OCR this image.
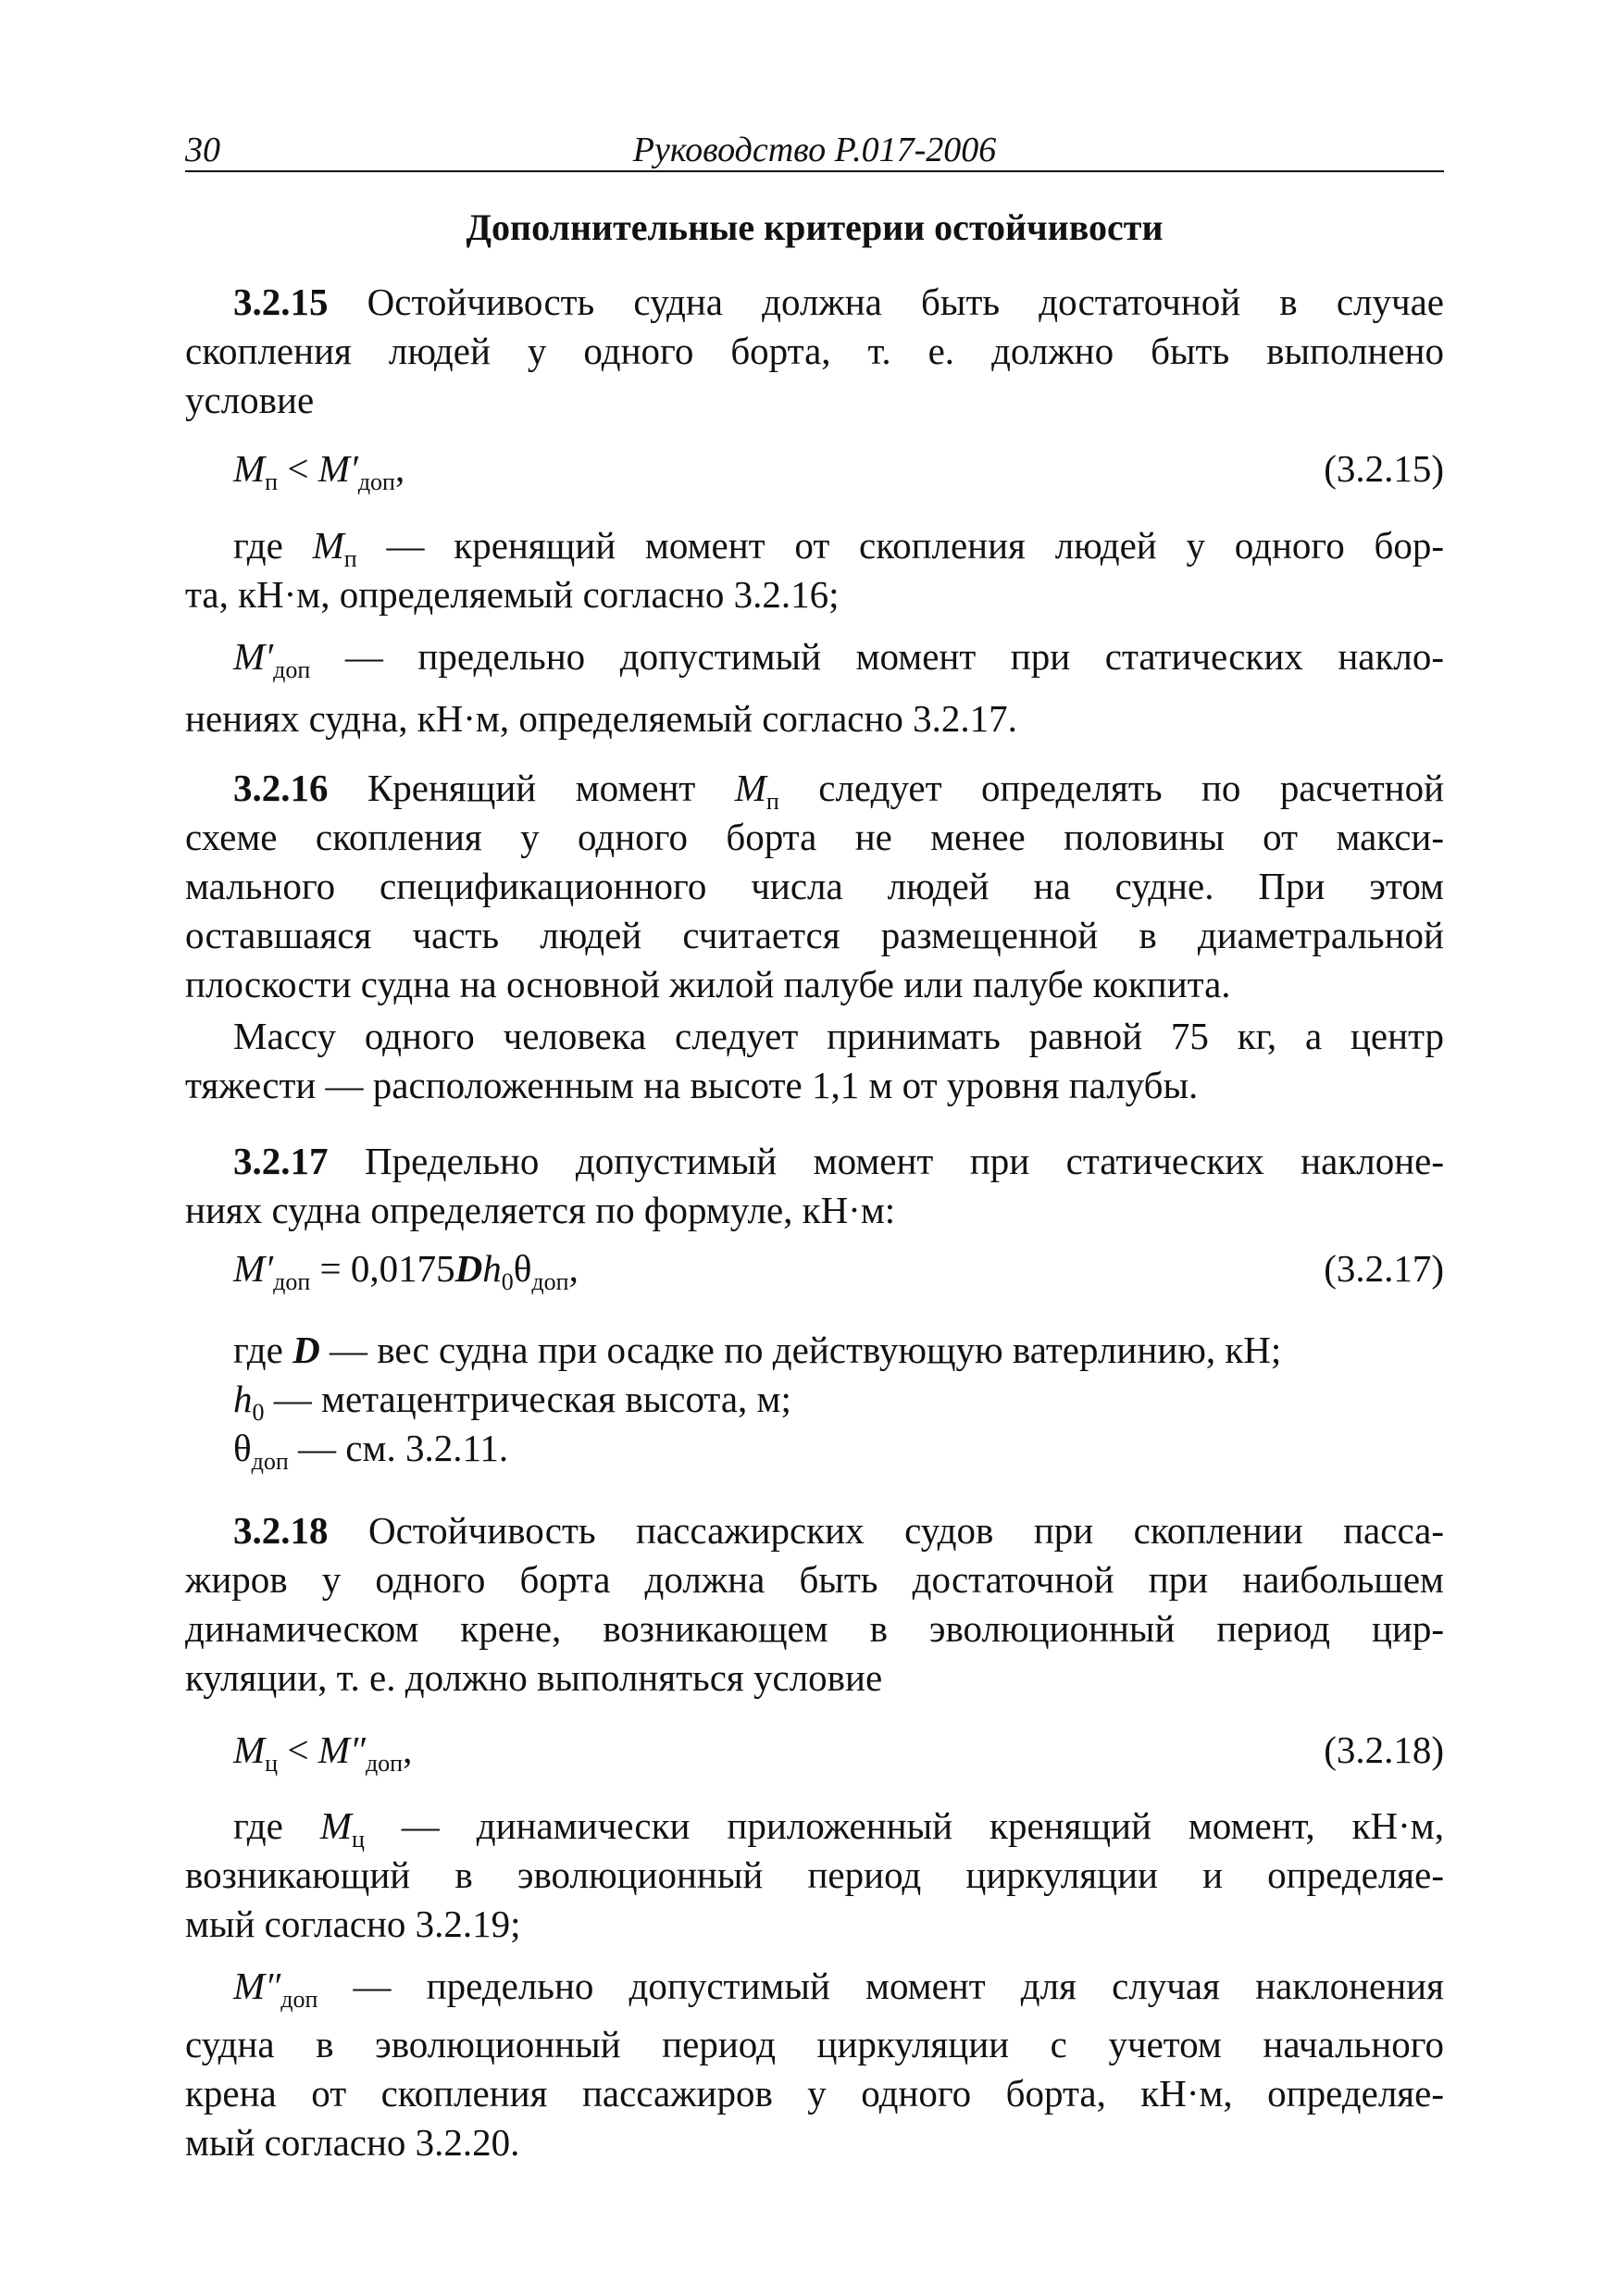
30	Руководство Р.017-2006
Дополнительные критерии остойчивости
3.2.15 Остойчивость судна должна быть достаточной в случае
скопления людей у одного борта, т. е. должно быть выполнено
условие
$M_п < M'_{доп}$,	(3.2.15)
где $M_п$ — кренящий момент от скопления людей у одного бор-
та, кН·м, определяемый согласно 3.2.16;
$M'_{доп}$ — предельно допустимый момент при статических накло-
нениях судна, кН·м, определяемый согласно 3.2.17.
3.2.16 Кренящий момент $M_п$ следует определять по расчетной
схеме скопления у одного борта не менее половины от макси-
мального спецификационного числа людей на судне. При этом
оставшаяся часть людей считается размещенной в диаметральной
плоскости судна на основной жилой палубе или палубе кокпита.
Массу одного человека следует принимать равной 75 кг, а центр
тяжести — расположенным на высоте 1,1 м от уровня палубы.
3.2.17 Предельно допустимый момент при статических наклоне-
ниях судна определяется по формуле, кН·м:
$M'_{доп} = 0,0175Dh_0\theta_{доп}$,	(3.2.17)
где D — вес судна при осадке по действующую ватерлинию, кН;
$h_0$ — метацентрическая высота, м;
$\theta_{доп}$ — см. 3.2.11.
3.2.18 Остойчивость пассажирских судов при скоплении пасса-
жиров у одного борта должна быть достаточной при наибольшем
динамическом крене, возникающем в эволюционный период цир-
куляции, т. е. должно выполняться условие
$M_ц < M''_{доп}$,	(3.2.18)
где $M_ц$ — динамически приложенный кренящий момент, кН·м,
возникающий в эволюционный период циркуляции и определяе-
мый согласно 3.2.19;
$M''_{доп}$ — предельно допустимый момент для случая наклонения
судна в эволюционный период циркуляции с учетом начального
крена от скопления пассажиров у одного борта, кН·м, определяе-
мый согласно 3.2.20.
